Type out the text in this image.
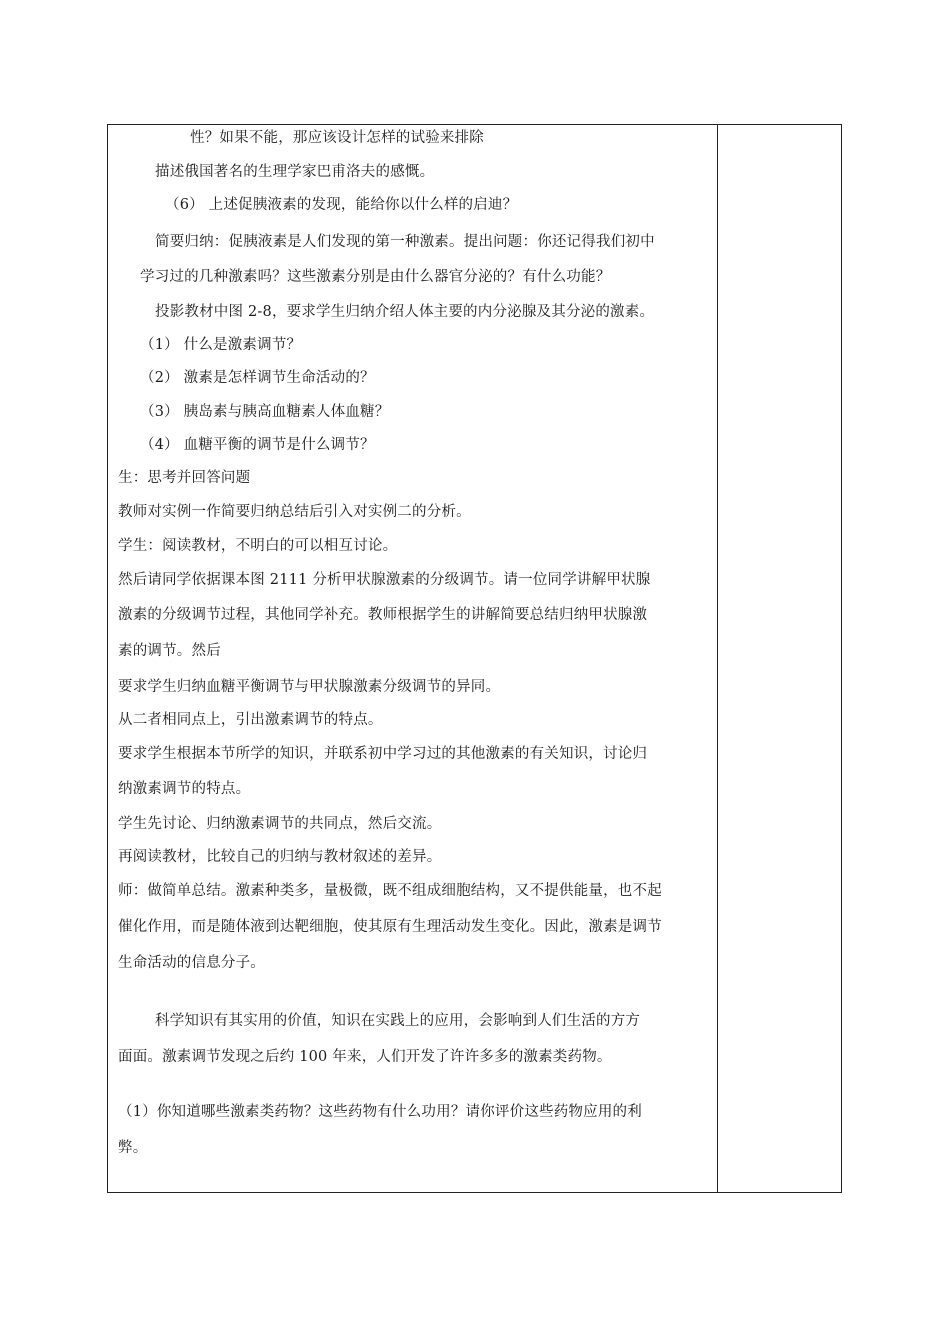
性？如果不能，那应该设计怎样的试验来排除
描述俄国著名的生理学家巴甫洛夫的感慨。
（6） 上述促胰液素的发现，能给你以什么样的启迪？
简要归纳：促胰液素是人们发现的第一种激素。提出问题：你还记得我们初中
学习过的几种激素吗？这些激素分别是由什么器官分泌的？有什么功能？
投影教材中图 2-8，要求学生归纳介绍人体主要的内分泌腺及其分泌的激素。
（1） 什么是激素调节？
（2） 激素是怎样调节生命活动的？
（3） 胰岛素与胰高血糖素人体血糖？
（4） 血糖平衡的调节是什么调节？
生：思考并回答问题
教师对实例一作简要归纳总结后引入对实例二的分析。
学生：阅读教材，不明白的可以相互讨论。
然后请同学依据课本图 2111 分析甲状腺激素的分级调节。请一位同学讲解甲状腺
激素的分级调节过程，其他同学补充。教师根据学生的讲解简要总结归纳甲状腺激
素的调节。然后
要求学生归纳血糖平衡调节与甲状腺激素分级调节的异同。
从二者相同点上，引出激素调节的特点。
要求学生根据本节所学的知识，并联系初中学习过的其他激素的有关知识，讨论归
纳激素调节的特点。
学生先讨论、归纳激素调节的共同点，然后交流。
再阅读教材，比较自己的归纳与教材叙述的差异。
师：做简单总结。激素种类多，量极微，既不组成细胞结构，又不提供能量，也不起
催化作用，而是随体液到达靶细胞，使其原有生理活动发生变化。因此，激素是调节
生命活动的信息分子。
科学知识有其实用的价值，知识在实践上的应用，会影响到人们生活的方方
面面。激素调节发现之后约 100 年来，人们开发了许许多多的激素类药物。
（1）你知道哪些激素类药物？这些药物有什么功用？请你评价这些药物应用的利
弊。
